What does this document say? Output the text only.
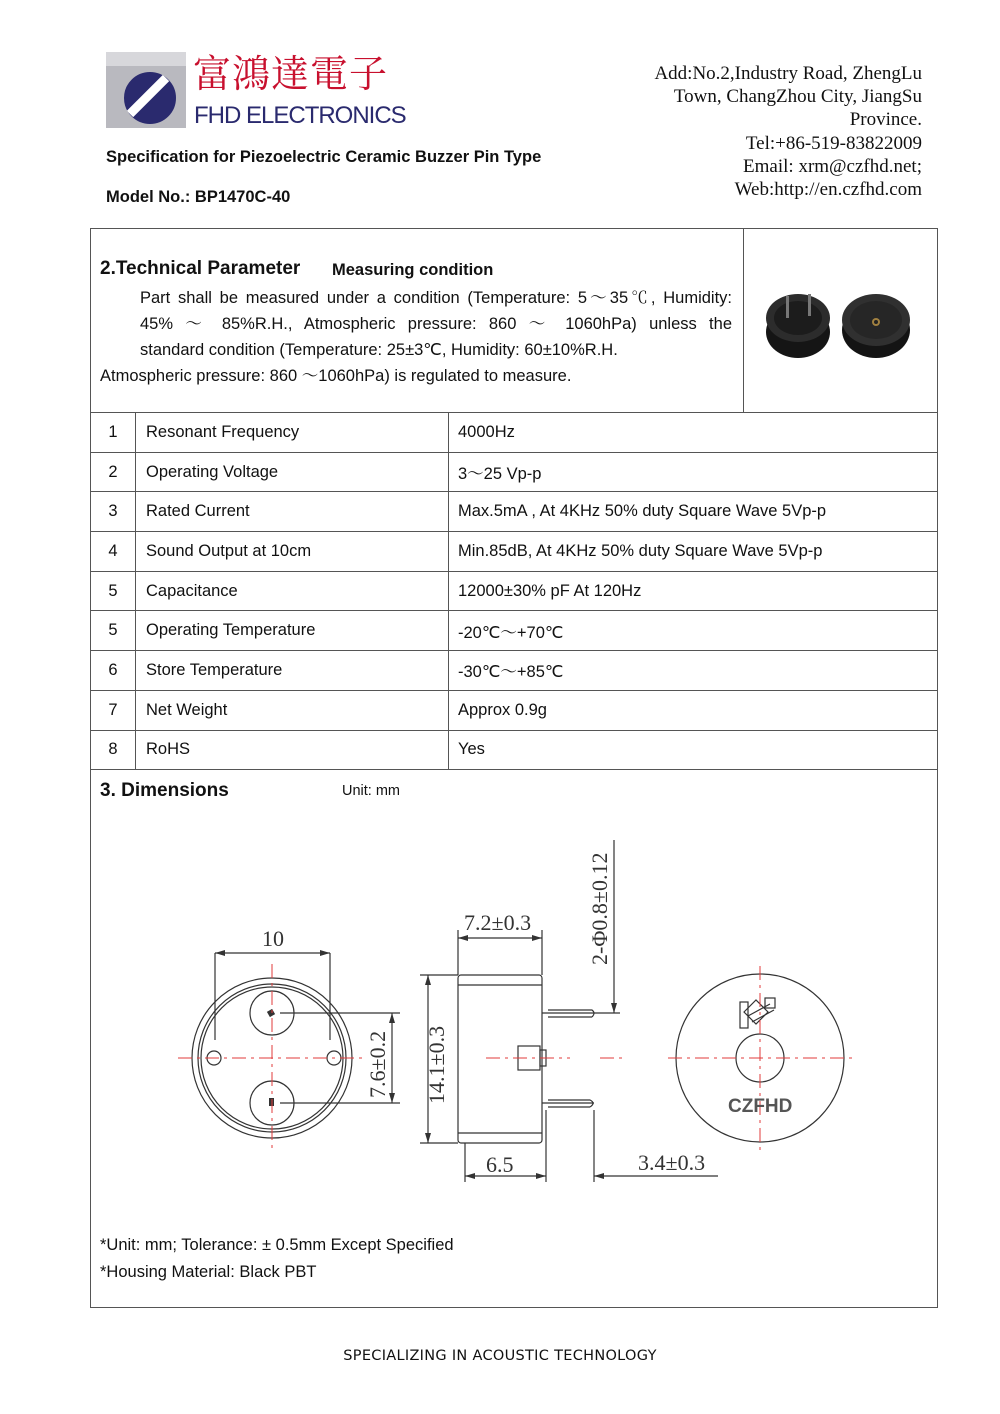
富鴻達電子
FHD ELECTRONICS
Add:No.2,Industry Road, ZhengLu
Town, ChangZhou City, JiangSu
Province.
Tel:+86-519-83822009
Email: xrm@czfhd.net;
Web:http://en.czfhd.com
Specification for Piezoelectric Ceramic Buzzer Pin Type
Model No.: BP1470C-40
2.Technical Parameter Measuring condition
Part shall be measured under a condition (Temperature: 5～35℃, Humidity:
45% ～ 85%R.H., Atmospheric pressure: 860 ～ 1060hPa) unless the
standard condition (Temperature: 25±3℃, Humidity: 60±10%R.H.
Atmospheric pressure: 860 ～1060hPa) is regulated to measure.
1	Resonant Frequency	4000Hz
2	Operating Voltage	3～25 Vp-p
3	Rated Current	Max.5mA , At 4KHz 50% duty Square Wave 5Vp-p
4	Sound Output at 10cm	Min.85dB, At 4KHz 50% duty Square Wave 5Vp-p
5	Capacitance	12000±30% pF At 120Hz
5	Operating Temperature	-20℃～+70℃
6	Store Temperature	-30℃～+85℃
7	Net Weight	Approx 0.9g
8	RoHS	Yes
3. Dimensions	Unit: mm
10
7.6±0.2
7.2±0.3	2-Φ0.8±0.12
14.1±0.3
6.5	3.4±0.3
CZFHD
*Unit: mm; Tolerance: ± 0.5mm Except Specified
*Housing Material: Black PBT
SPECIALIZING IN ACOUSTIC TECHNOLOGY
